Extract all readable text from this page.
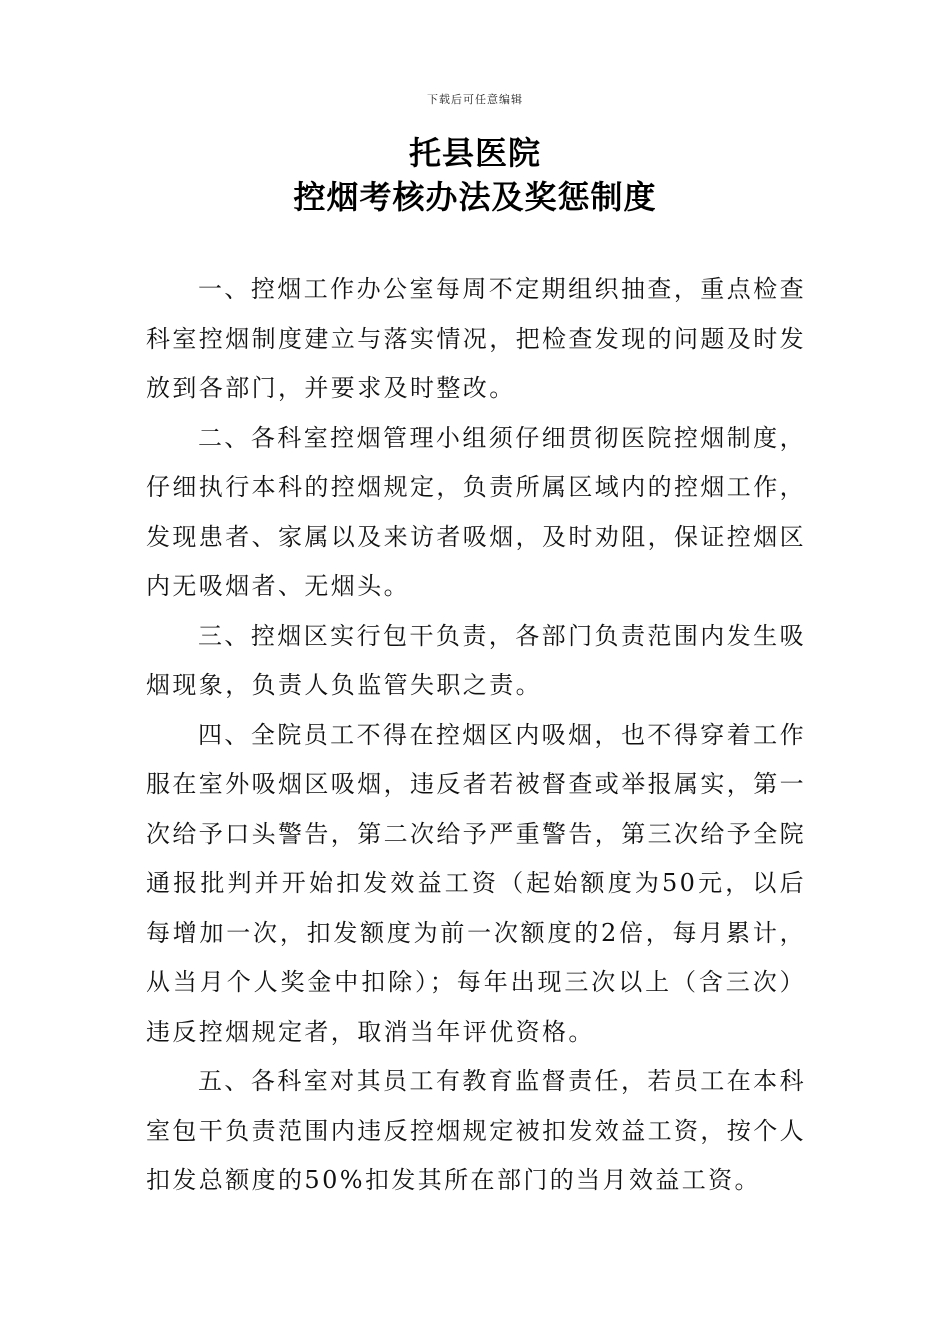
下载后可任意编辑
托县医院
控烟考核办法及奖惩制度

一、控烟工作办公室每周不定期组织抽查，重点检查科室控烟制度建立与落实情况，把检查发现的问题及时发放到各部门，并要求及时整改。

二、各科室控烟管理小组须仔细贯彻医院控烟制度，仔细执行本科的控烟规定，负责所属区域内的控烟工作，发现患者、家属以及来访者吸烟，及时劝阻，保证控烟区内无吸烟者、无烟头。

三、控烟区实行包干负责，各部门负责范围内发生吸烟现象，负责人负监管失职之责。

四、全院员工不得在控烟区内吸烟，也不得穿着工作服在室外吸烟区吸烟，违反者若被督查或举报属实，第一次给予口头警告，第二次给予严重警告，第三次给予全院通报批判并开始扣发效益工资（起始额度为50元，以后每增加一次，扣发额度为前一次额度的2倍，每月累计，从当月个人奖金中扣除）；每年出现三次以上（含三次）违反控烟规定者，取消当年评优资格。

五、各科室对其员工有教育监督责任，若员工在本科室包干负责范围内违反控烟规定被扣发效益工资，按个人扣发总额度的50%扣发其所在部门的当月效益工资。
